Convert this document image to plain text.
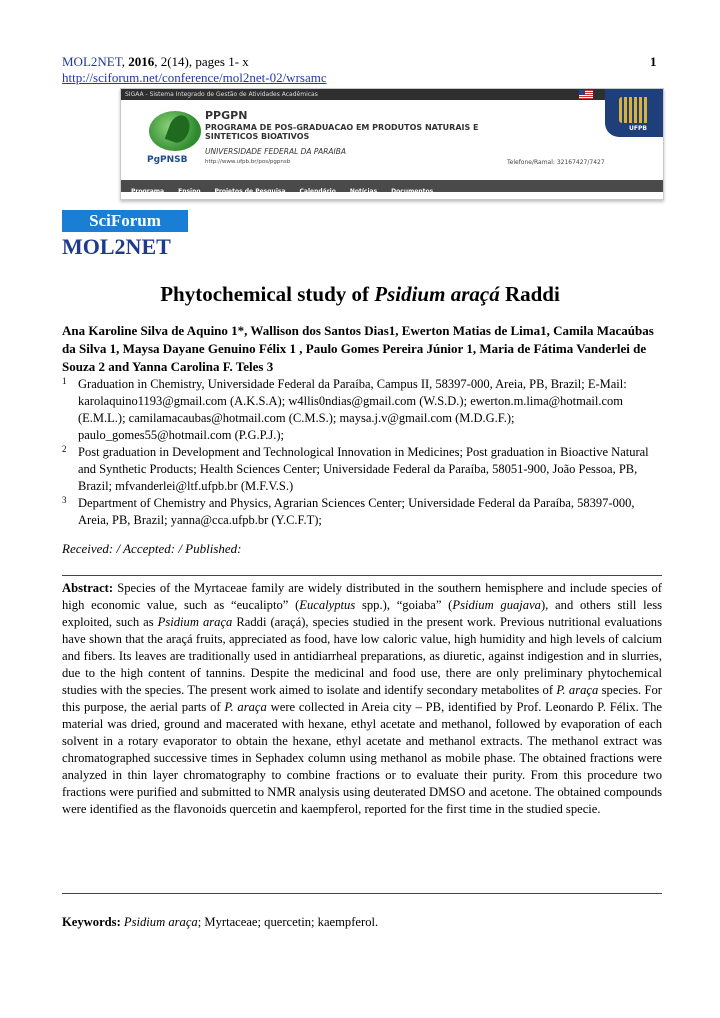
MOL2NET, 2016, 2(14), pages 1- x	1
http://sciforum.net/conference/mol2net-02/wrsamc
SIGAA - Sistema Integrado de Gestão de Atividades Acadêmicas
PgPNSB
PPGPN
PROGRAMA DE POS-GRADUACAO EM PRODUTOS NATURAIS E SINTETICOS BIOATIVOS
UNIVERSIDADE FEDERAL DA PARAIBA
http://www.ufpb.br/pos/pgpnsb	Telefone/Ramal: 32167427/7427
UFPB
Programa Ensino Projetos de Pesquisa Calendário Notícias Documentos
SciForum
MOL2NET
Phytochemical study of Psidium araçá Raddi
Ana Karoline Silva de Aquino 1*, Wallison dos Santos Dias1, Ewerton Matias de Lima1, Camila Macaúbas da Silva 1, Maysa Dayane Genuino Félix 1 , Paulo Gomes Pereira Júnior 1, Maria de Fátima Vanderlei de Souza 2 and Yanna Carolina F. Teles 3
1 Graduation in Chemistry, Universidade Federal da Paraíba, Campus II, 58397-000, Areia, PB, Brazil; E-Mail: karolaquino1193@gmail.com (A.K.S.A); w4llis0ndias@gmail.com (W.S.D.); ewerton.m.lima@hotmail.com (E.M.L.); camilamacaubas@hotmail.com (C.M.S.); maysa.j.v@gmail.com (M.D.G.F.); paulo_gomes55@hotmail.com (P.G.P.J.);
2 Post graduation in Development and Technological Innovation in Medicines; Post graduation in Bioactive Natural and Synthetic Products; Health Sciences Center; Universidade Federal da Paraíba, 58051-900, João Pessoa, PB, Brazil; mfvanderlei@ltf.ufpb.br (M.F.V.S.)
3 Department of Chemistry and Physics, Agrarian Sciences Center; Universidade Federal da Paraíba, 58397-000, Areia, PB, Brazil; yanna@cca.ufpb.br (Y.C.F.T);
Received: / Accepted: / Published:
Abstract: Species of the Myrtaceae family are widely distributed in the southern hemisphere and include species of high economic value, such as “eucalipto” (Eucalyptus spp.), “goiaba” (Psidium guajava), and others still less exploited, such as Psidium araça Raddi (araçá), species studied in the present work. Previous nutritional evaluations have shown that the araçá fruits, appreciated as food, have low caloric value, high humidity and high levels of calcium and fibers. Its leaves are traditionally used in antidiarrheal preparations, as diuretic, against indigestion and in slurries, due to the high content of tannins. Despite the medicinal and food use, there are only preliminary phytochemical studies with the species. The present work aimed to isolate and identify secondary metabolites of P. araça species. For this purpose, the aerial parts of P. araça were collected in Areia city – PB, identified by Prof. Leonardo P. Félix. The material was dried, ground and macerated with hexane, ethyl acetate and methanol, followed by evaporation of each solvent in a rotary evaporator to obtain the hexane, ethyl acetate and methanol extracts. The methanol extract was chromatographed successive times in Sephadex column using methanol as mobile phase. The obtained fractions were analyzed in thin layer chromatography to combine fractions or to evaluate their purity. From this procedure two fractions were purified and submitted to NMR analysis using deuterated DMSO and acetone. The obtained compounds were identified as the flavonoids quercetin and kaempferol, reported for the first time in the studied specie.
Keywords: Psidium araça; Myrtaceae; quercetin; kaempferol.
